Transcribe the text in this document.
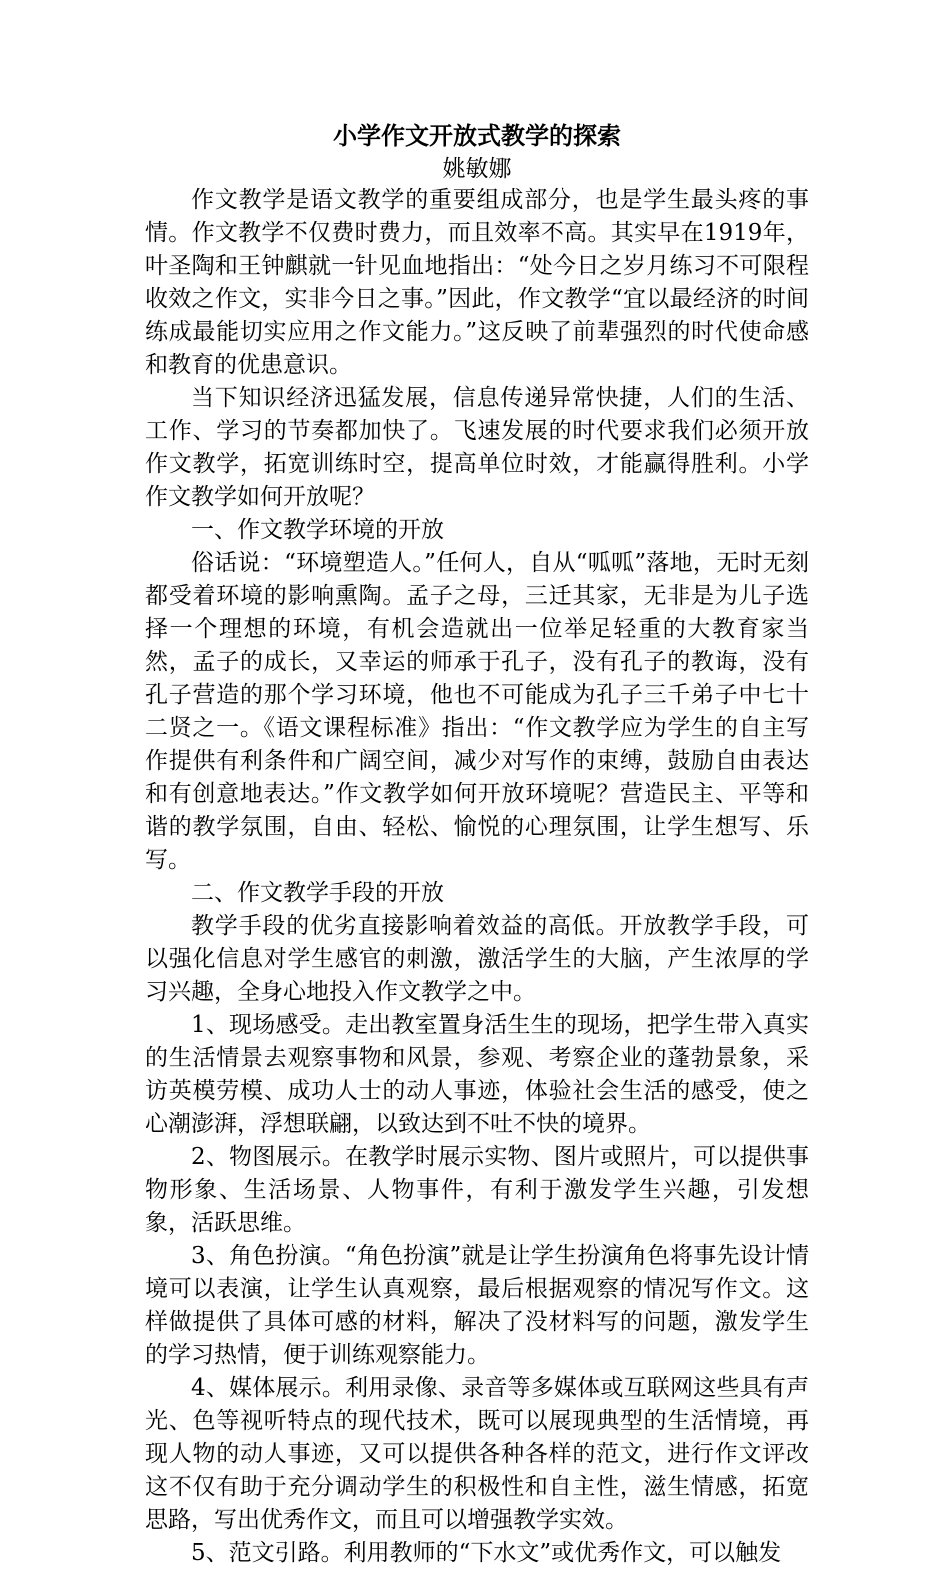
小学作文开放式教学的探索

姚敏娜

作文教学是语文教学的重要组成部分，也是学生最头疼的事情。作文教学不仅费时费力，而且效率不高。其实早在1919年，叶圣陶和王钟麒就一针见血地指出：“处今日之岁月练习不可限程收效之作文，实非今日之事。”因此，作文教学“宜以最经济的时间练成最能切实应用之作文能力。”这反映了前辈强烈的时代使命感和教育的优患意识。

当下知识经济迅猛发展，信息传递异常快捷，人们的生活、工作、学习的节奏都加快了。飞速发展的时代要求我们必须开放作文教学，拓宽训练时空，提高单位时效，才能赢得胜利。小学作文教学如何开放呢？

一、作文教学环境的开放

俗话说：“环境塑造人。”任何人，自从“呱呱”落地，无时无刻都受着环境的影响熏陶。孟子之母，三迁其家，无非是为儿子选择一个理想的环境，有机会造就出一位举足轻重的大教育家当然，孟子的成长，又幸运的师承于孔子，没有孔子的教诲，没有孔子营造的那个学习环境，他也不可能成为孔子三千弟子中七十二贤之一。《语文课程标准》指出：“作文教学应为学生的自主写作提供有利条件和广阔空间，减少对写作的束缚，鼓励自由表达和有创意地表达。”作文教学如何开放环境呢？营造民主、平等和谐的教学氛围，自由、轻松、愉悦的心理氛围，让学生想写、乐写。

二、作文教学手段的开放

教学手段的优劣直接影响着效益的高低。开放教学手段，可以强化信息对学生感官的刺激，激活学生的大脑，产生浓厚的学习兴趣，全身心地投入作文教学之中。

1、现场感受。走出教室置身活生生的现场，把学生带入真实的生活情景去观察事物和风景，参观、考察企业的蓬勃景象，采访英模劳模、成功人士的动人事迹，体验社会生活的感受，使之心潮澎湃，浮想联翩，以致达到不吐不快的境界。

2、物图展示。在教学时展示实物、图片或照片，可以提供事物形象、生活场景、人物事件，有利于激发学生兴趣，引发想象，活跃思维。

3、角色扮演。“角色扮演”就是让学生扮演角色将事先设计情境可以表演，让学生认真观察，最后根据观察的情况写作文。这样做提供了具体可感的材料，解决了没材料写的问题，激发学生的学习热情，便于训练观察能力。

4、媒体展示。利用录像、录音等多媒体或互联网这些具有声光、色等视听特点的现代技术，既可以展现典型的生活情境，再现人物的动人事迹，又可以提供各种各样的范文，进行作文评改这不仅有助于充分调动学生的积极性和自主性，滋生情感，拓宽思路，写出优秀作文，而且可以增强教学实效。

5、范文引路。利用教师的“下水文”或优秀作文，可以触发
